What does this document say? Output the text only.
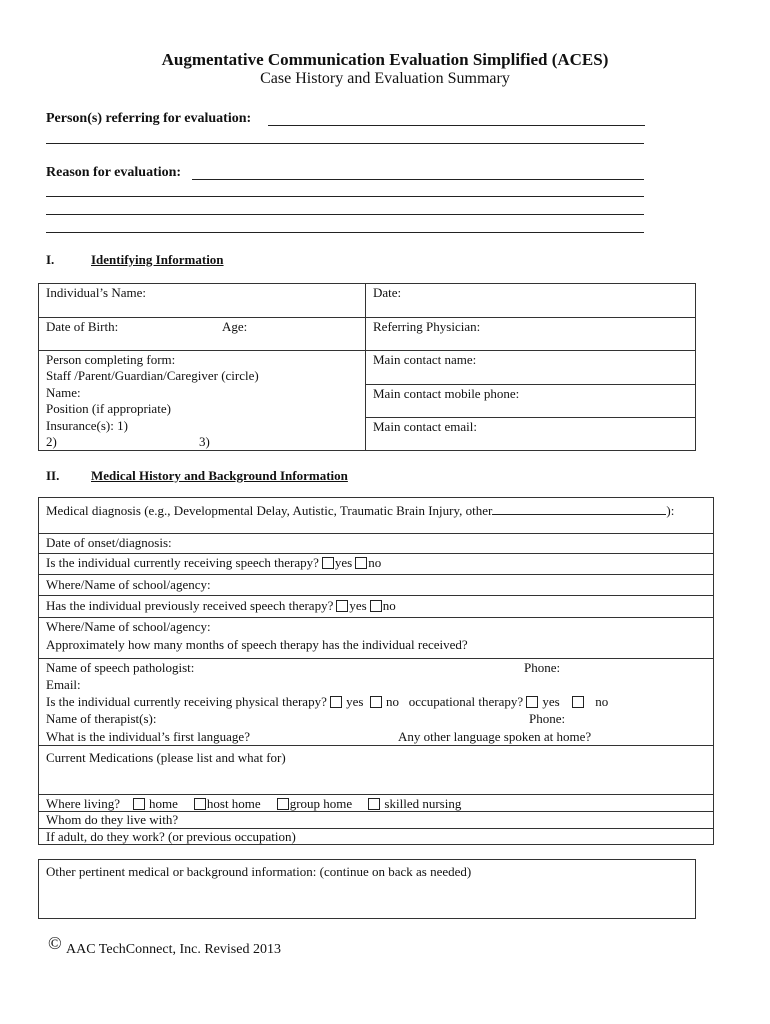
Augmentative Communication Evaluation Simplified (ACES)
Case History and Evaluation Summary
Person(s) referring for evaluation:
Reason for evaluation:
I.	Identifying Information
Individual’s Name:	Date:
Date of Birth:	Age:	Referring Physician:
Person completing form:
Staff /Parent/Guardian/Caregiver (circle)
Name:
Position (if appropriate)
Insurance(s): 1)
2)	3)
Main contact name:
Main contact mobile phone:
Main contact email:
II. Medical History and Background Information
Medical diagnosis (e.g., Developmental Delay, Autistic, Traumatic Brain Injury, other	):
Date of onset/diagnosis:
Is the individual currently receiving speech therapy? yes no
Where/Name of school/agency:
Has the individual previously received speech therapy? yes no
Where/Name of school/agency:
Approximately how many months of speech therapy has the individual received?
Name of speech pathologist:	Phone:
Email:
Is the individual currently receiving physical therapy? yes no occupational therapy? yes	no
Name of therapist(s):	Phone:
What is the individual’s first language?	Any other language spoken at home?
Current Medications (please list and what for)
Where living? home host home group home skilled nursing
Whom do they live with?
If adult, do they work? (or previous occupation)
Other pertinent medical or background information: (continue on back as needed)
© AAC TechConnect, Inc. Revised 2013
